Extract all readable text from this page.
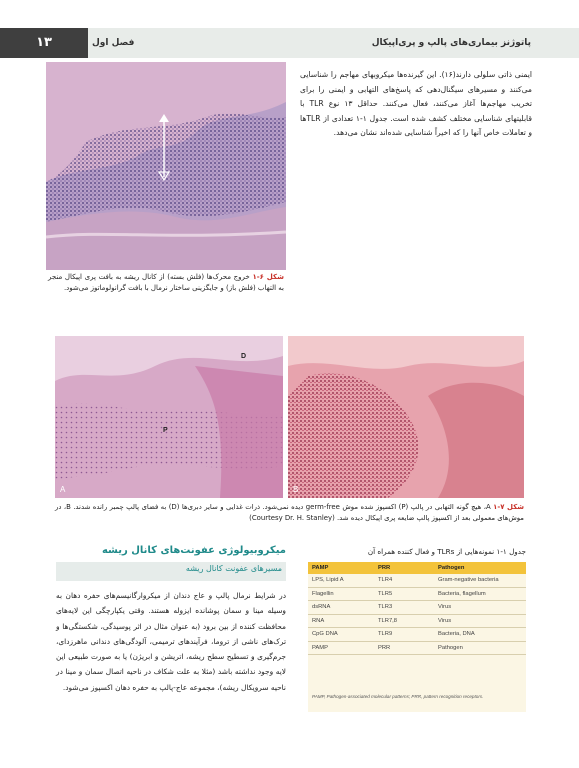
۱۳	فصل اول	پاتوژنز بیماری‌های پالپ و پری‌اپیکال
ایمنی ذاتی سلولی دارند(۱۶). این گیرنده‌ها میکروبهای مهاجم را شناسایی می‌کنند و مسیرهای سیگنال‌دهی که پاسخ‌های التهابی و ایمنی را برای تخریب مهاجم‌ها آغاز می‌کنند، فعال می‌کنند. حداقل ۱۳ نوع TLR با قابلیتهای شناسایی مختلف کشف شده است. جدول ۱-۱ تعدادی از TLRها و تعاملات خاص آنها را که اخیراً شناسایی شده‌اند نشان می‌دهد.
شکل ۶-۱ خروج محرک‌ها (فلش بسته) از کانال ریشه به بافت پری اپیکال منجر به التهاب (فلش باز) و جایگزینی ساختار نرمال با بافت گرانولوماتوز می‌شود.
A
P
D
B
شکل ۷-۱ A، هیچ گونه التهابی در پالپ (P) اکسپوز شده موش germ-free دیده نمی‌شود. ذرات غذایی و سایر دبری‌ها (D) به فضای پالپ چمبر رانده شدند. B، در موش‌های معمولی بعد از اکسپوز پالپ ضایعه پری اپیکال دیده شد. (Courtesy Dr. H. Stanley)
میکروبیولوژی عفونت‌های کانال ریشه
مسیرهای عفونت کانال ریشه
در شرایط نرمال پالپ و عاج دندان از میکروارگانیسم‌های حفره دهان به وسیله مینا و سمان پوشانده ایزوله هستند. وقتی یکپارچگی این لایه‌های محافظت کننده از بین برود (به عنوان مثال در اثر پوسیدگی، شکستگی‌ها و ترک‌های ناشی از تروما، فرآیندهای ترمیمی، آلودگی‌های دندانی ماهرزدای، جرم‌گیری و تسطیح سطح ریشه، اتریشن و ابریژن) یا به صورت طبیعی این لایه وجود نداشته باشد (مثلا به علت شکاف در ناحیه اتصال سمان و مینا در ناحیه سرویکال ریشه)، مجموعه عاج-پالپ به حفره دهان اکسپوز می‌شود.
جدول ۱-۱ نمونه‌هایی از TLRs و فعال کننده همراه آن
PAMP	PRR	Pathogen
LPS, Lipid A	TLR4	Gram-negative bacteria
Flagellin	TLR5	Bacteria, flagellum
dsRNA	TLR3	Virus
RNA	TLR7,8	Virus
CpG DNA	TLR9	Bacteria, DNA
PAMP	PRR	Pathogen
PAMP, Pathogen-associated molecular patterns; PRR, pattern recognition receptors.
